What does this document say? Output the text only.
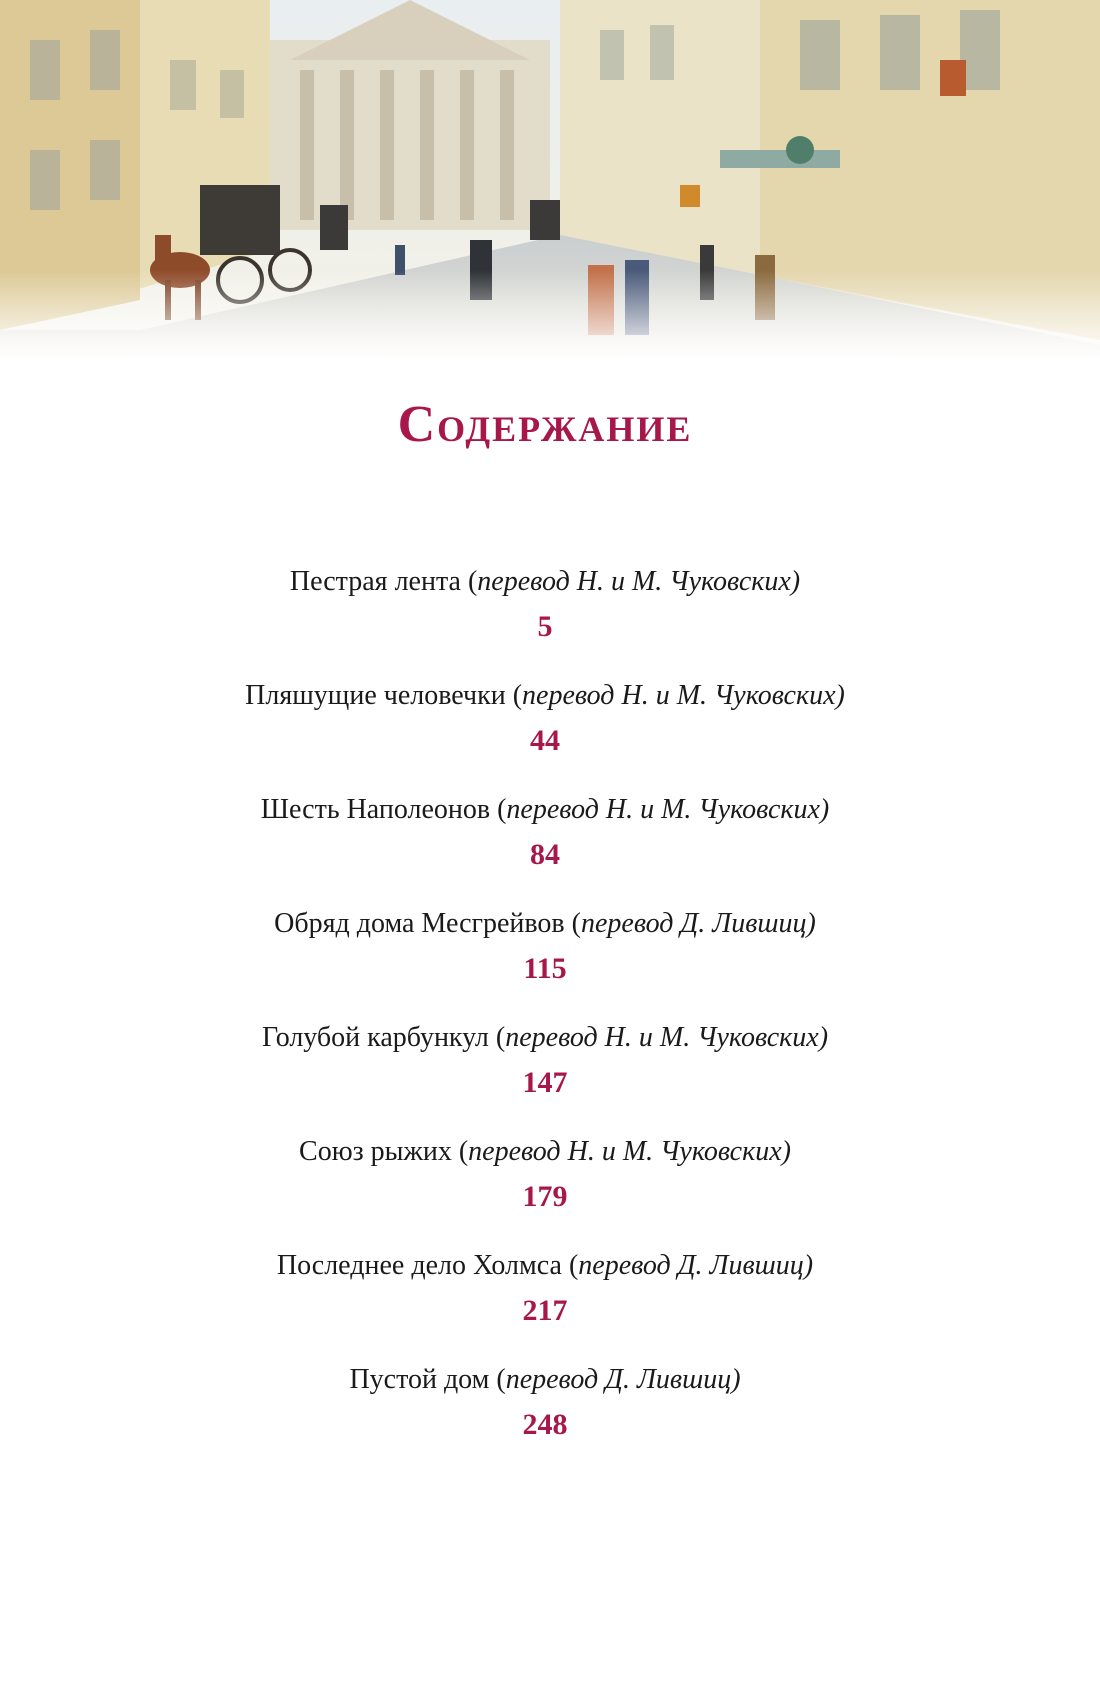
Содержание
Пестрая лента (перевод Н. и М. Чуковских)
5
Пляшущие человечки (перевод Н. и М. Чуковских)
44
Шесть Наполеонов (перевод Н. и М. Чуковских)
84
Обряд дома Месгрейвов (перевод Д. Лившиц)
115
Голубой карбункул (перевод Н. и М. Чуковских)
147
Союз рыжих (перевод Н. и М. Чуковских)
179
Последнее дело Холмса (перевод Д. Лившиц)
217
Пустой дом (перевод Д. Лившиц)
248
